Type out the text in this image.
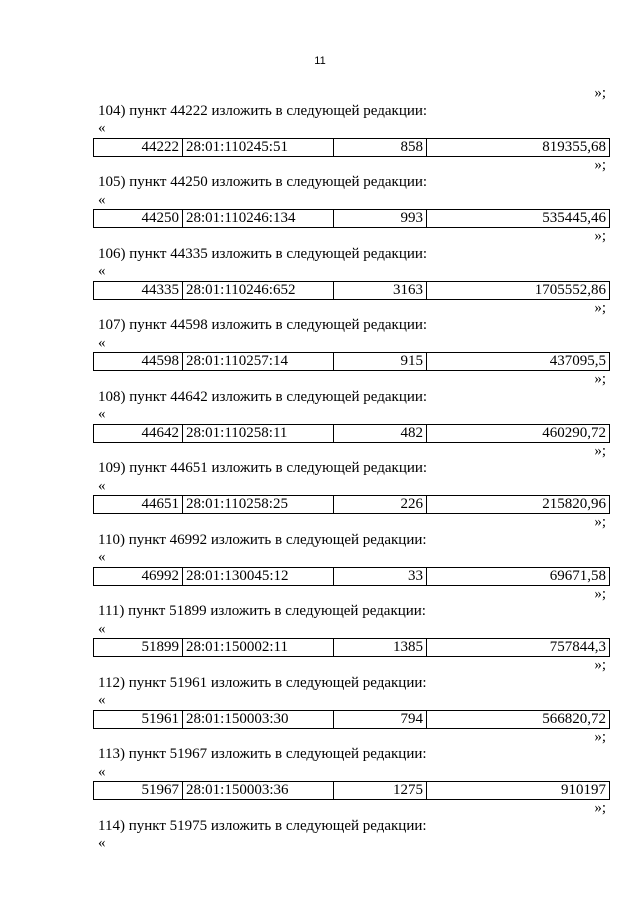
11
»;
104) пункт 44222 изложить в следующей редакции:
«
44222	28:01:110245:51	858	819355,68
»;
105) пункт 44250 изложить в следующей редакции:
«
44250	28:01:110246:134	993	535445,46
»;
106) пункт 44335 изложить в следующей редакции:
«
44335	28:01:110246:652	3163	1705552,86
»;
107) пункт 44598 изложить в следующей редакции:
«
44598	28:01:110257:14	915	437095,5
»;
108) пункт 44642 изложить в следующей редакции:
«
44642	28:01:110258:11	482	460290,72
»;
109) пункт 44651 изложить в следующей редакции:
«
44651	28:01:110258:25	226	215820,96
»;
110) пункт 46992 изложить в следующей редакции:
«
46992	28:01:130045:12	33	69671,58
»;
111) пункт 51899 изложить в следующей редакции:
«
51899	28:01:150002:11	1385	757844,3
»;
112) пункт 51961 изложить в следующей редакции:
«
51961	28:01:150003:30	794	566820,72
»;
113) пункт 51967 изложить в следующей редакции:
«
51967	28:01:150003:36	1275	910197
»;
114) пункт 51975 изложить в следующей редакции:
«
